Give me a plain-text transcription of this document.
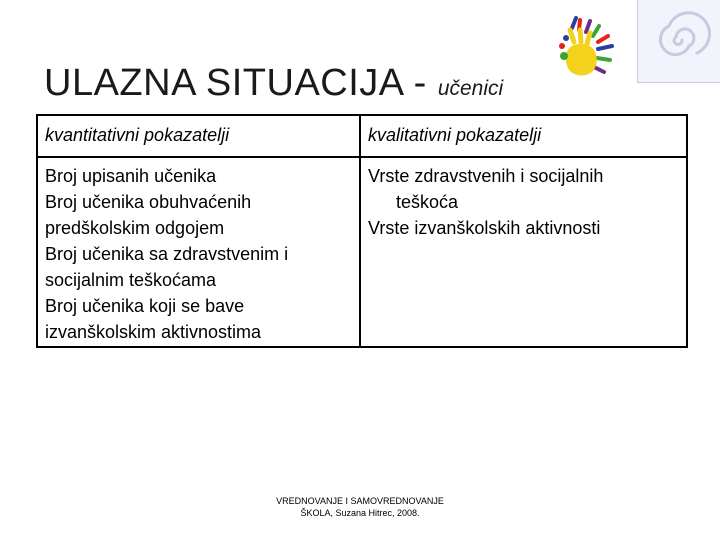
ULAZNA SITUACIJA - učenici
kvantitativni pokazatelji	kvalitativni pokazatelji
Broj upisanih učenika
Broj učenika obuhvaćenih
predškolskim odgojem
Broj učenika sa zdravstvenim i
socijalnim teškoćama
Broj učenika koji se bave
izvanškolskim aktivnostima
Vrste zdravstvenih i socijalnih
teškoća
Vrste izvanškolskih aktivnosti
VREDNOVANJE I SAMOVREDNOVANJE
ŠKOLA, Suzana Hitrec, 2008.
